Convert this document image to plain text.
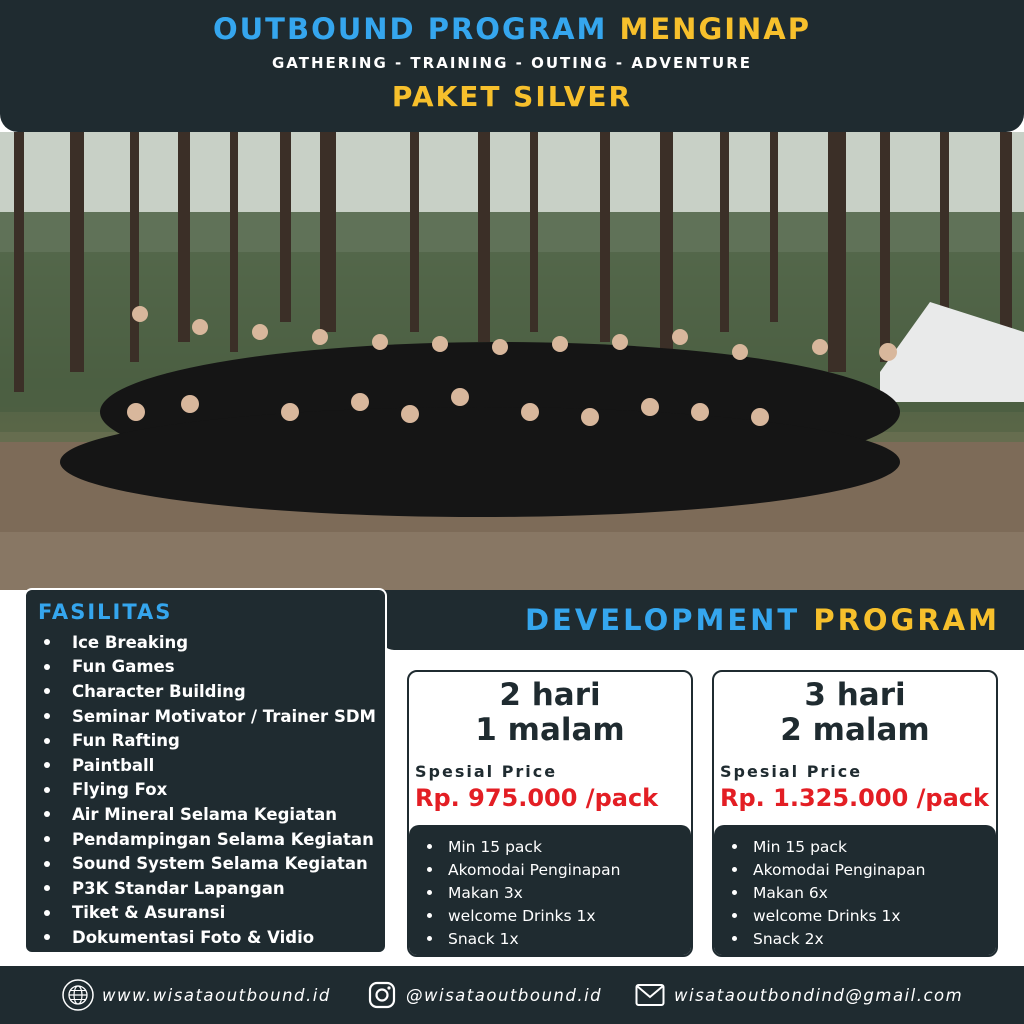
OUTBOUND PROGRAM MENGINAP
GATHERING - TRAINING - OUTING - ADVENTURE
PAKET SILVER
DEVELOPMENT PROGRAM
FASILITAS
Ice Breaking
Fun Games
Character Building
Seminar Motivator / Trainer SDM
Fun Rafting
Paintball
Flying Fox
Air Mineral Selama Kegiatan
Pendampingan Selama Kegiatan
Sound System Selama Kegiatan
P3K Standar Lapangan
Tiket & Asuransi
Dokumentasi Foto & Vidio
2 hari
1 malam
Spesial Price
Rp. 975.000 /pack
Min 15 pack
Akomodai Penginapan
Makan 3x
welcome Drinks 1x
Snack 1x
3 hari
2 malam
Spesial Price
Rp. 1.325.000 /pack
Min 15 pack
Akomodai Penginapan
Makan 6x
welcome Drinks 1x
Snack 2x
www.wisataoutbound.id	@wisataoutbound.id	wisataoutbondind@gmail.com
